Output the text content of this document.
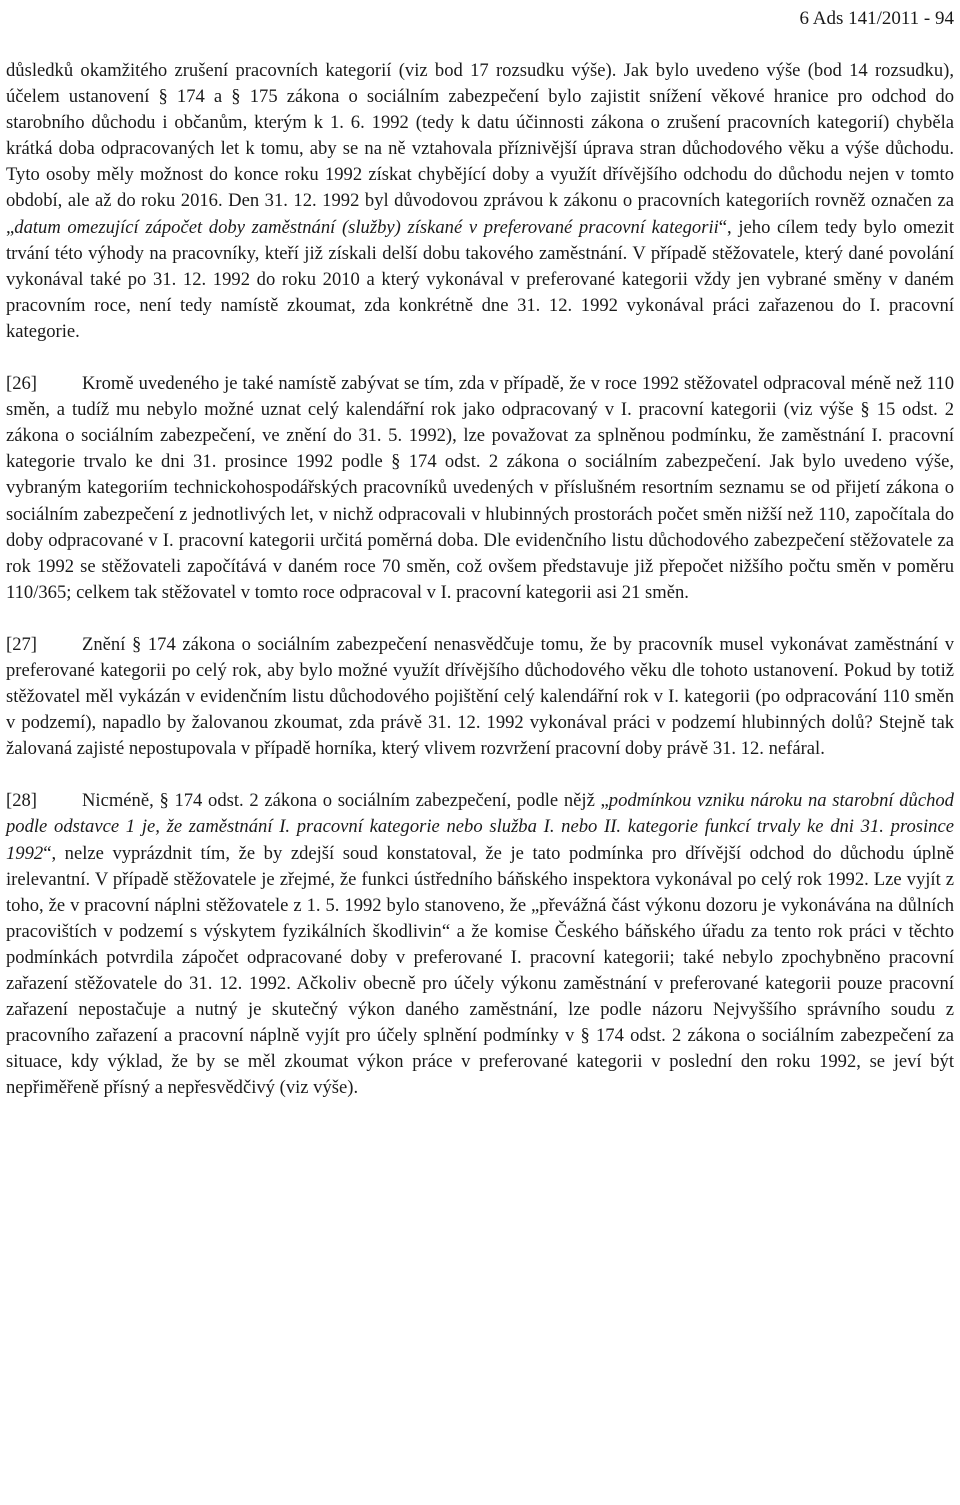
6 Ads 141/2011 - 94

důsledků okamžitého zrušení pracovních kategorií (viz bod 17 rozsudku výše). Jak bylo uvedeno výše (bod 14 rozsudku), účelem ustanovení § 174 a § 175 zákona o sociálním zabezpečení bylo zajistit snížení věkové hranice pro odchod do starobního důchodu i občanům, kterým k 1. 6. 1992 (tedy k datu účinnosti zákona o zrušení pracovních kategorií) chyběla krátká doba odpracovaných let k tomu, aby se na ně vztahovala příznivější úprava stran důchodového věku a výše důchodu. Tyto osoby měly možnost do konce roku 1992 získat chybějící doby a využít dřívějšího odchodu do důchodu nejen v tomto období, ale až do roku 2016. Den 31. 12. 1992 byl důvodovou zprávou k zákonu o pracovních kategoriích rovněž označen za „datum omezující zápočet doby zaměstnání (služby) získané v preferované pracovní kategorii“, jeho cílem tedy bylo omezit trvání této výhody na pracovníky, kteří již získali delší dobu takového zaměstnání. V případě stěžovatele, který dané povolání vykonával také po 31. 12. 1992 do roku 2010 a který vykonával v preferované kategorii vždy jen vybrané směny v daném pracovním roce, není tedy namístě zkoumat, zda konkrétně dne 31. 12. 1992 vykonával práci zařazenou do I. pracovní kategorie.

[26] Kromě uvedeného je také namístě zabývat se tím, zda v případě, že v roce 1992 stěžovatel odpracoval méně než 110 směn, a tudíž mu nebylo možné uznat celý kalendářní rok jako odpracovaný v I. pracovní kategorii (viz výše § 15 odst. 2 zákona o sociálním zabezpečení, ve znění do 31. 5. 1992), lze považovat za splněnou podmínku, že zaměstnání I. pracovní kategorie trvalo ke dni 31. prosince 1992 podle § 174 odst. 2 zákona o sociálním zabezpečení. Jak bylo uvedeno výše, vybraným kategoriím technickohospodářských pracovníků uvedených v příslušném resortním seznamu se od přijetí zákona o sociálním zabezpečení z jednotlivých let, v nichž odpracovali v hlubinných prostorách počet směn nižší než 110, započítala do doby odpracované v I. pracovní kategorii určitá poměrná doba. Dle evidenčního listu důchodového zabezpečení stěžovatele za rok 1992 se stěžovateli započítává v daném roce 70 směn, což ovšem představuje již přepočet nižšího počtu směn v poměru 110/365; celkem tak stěžovatel v tomto roce odpracoval v I. pracovní kategorii asi 21 směn.

[27] Znění § 174 zákona o sociálním zabezpečení nenasvědčuje tomu, že by pracovník musel vykonávat zaměstnání v preferované kategorii po celý rok, aby bylo možné využít dřívějšího důchodového věku dle tohoto ustanovení. Pokud by totiž stěžovatel měl vykázán v evidenčním listu důchodového pojištění celý kalendářní rok v I. kategorii (po odpracování 110 směn v podzemí), napadlo by žalovanou zkoumat, zda právě 31. 12. 1992 vykonával práci v podzemí hlubinných dolů? Stejně tak žalovaná zajisté nepostupovala v případě horníka, který vlivem rozvržení pracovní doby právě 31. 12. nefáral.

[28] Nicméně, § 174 odst. 2 zákona o sociálním zabezpečení, podle nějž „podmínkou vzniku nároku na starobní důchod podle odstavce 1 je, že zaměstnání I. pracovní kategorie nebo služba I. nebo II. kategorie funkcí trvaly ke dni 31. prosince 1992“, nelze vyprázdnit tím, že by zdejší soud konstatoval, že je tato podmínka pro dřívější odchod do důchodu úplně irelevantní. V případě stěžovatele je zřejmé, že funkci ústředního báňského inspektora vykonával po celý rok 1992. Lze vyjít z toho, že v pracovní náplni stěžovatele z 1. 5. 1992 bylo stanoveno, že „převážná část výkonu dozoru je vykonávána na důlních pracovištích v podzemí s výskytem fyzikálních škodlivin“ a že komise Českého báňského úřadu za tento rok práci v těchto podmínkách potvrdila zápočet odpracované doby v preferované I. pracovní kategorii; také nebylo zpochybněno pracovní zařazení stěžovatele do 31. 12. 1992. Ačkoliv obecně pro účely výkonu zaměstnání v preferované kategorii pouze pracovní zařazení nepostačuje a nutný je skutečný výkon daného zaměstnání, lze podle názoru Nejvyššího správního soudu z pracovního zařazení a pracovní náplně vyjít pro účely splnění podmínky v § 174 odst. 2 zákona o sociálním zabezpečení za situace, kdy výklad, že by se měl zkoumat výkon práce v preferované kategorii v poslední den roku 1992, se jeví být nepřiměřeně přísný a nepřesvědčivý (viz výše).
